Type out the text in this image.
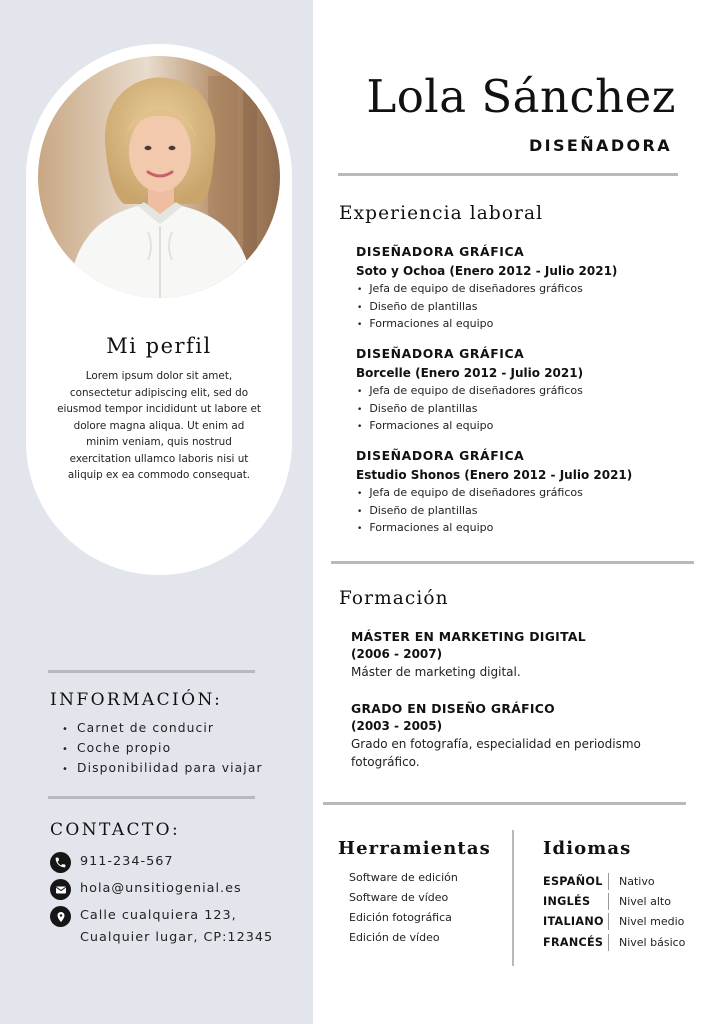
Mi perfil
Lorem ipsum dolor sit amet, consectetur adipiscing elit, sed do eiusmod tempor incididunt ut labore et dolore magna aliqua. Ut enim ad minim veniam, quis nostrud exercitation ullamco laboris nisi ut aliquip ex ea commodo consequat.
INFORMACIÓN:
• Carnet de conducir
• Coche propio
• Disponibilidad para viajar
CONTACTO:
911-234-567
hola@unsitiogenial.es
Calle cualquiera 123,
Cualquier lugar, CP:12345
Lola Sánchez
DISEÑADORA
Experiencia laboral
DISEÑADORA GRÁFICA
Soto y Ochoa (Enero 2012 - Julio 2021)
• Jefa de equipo de diseñadores gráficos
• Diseño de plantillas
• Formaciones al equipo
DISEÑADORA GRÁFICA
Borcelle (Enero 2012 - Julio 2021)
• Jefa de equipo de diseñadores gráficos
• Diseño de plantillas
• Formaciones al equipo
DISEÑADORA GRÁFICA
Estudio Shonos (Enero 2012 - Julio 2021)
• Jefa de equipo de diseñadores gráficos
• Diseño de plantillas
• Formaciones al equipo
Formación
MÁSTER EN MARKETING DIGITAL
(2006 - 2007)
Máster de marketing digital.
GRADO EN DISEÑO GRÁFICO
(2003 - 2005)
Grado en fotografía, especialidad en periodismo fotográfico.
Herramientas
Software de edición
Software de vídeo
Edición fotográfica
Edición de vídeo
Idiomas
ESPAÑOL	Nativo
INGLÉS	Nivel alto
ITALIANO Nivel medio
FRANCÉS	Nivel básico
